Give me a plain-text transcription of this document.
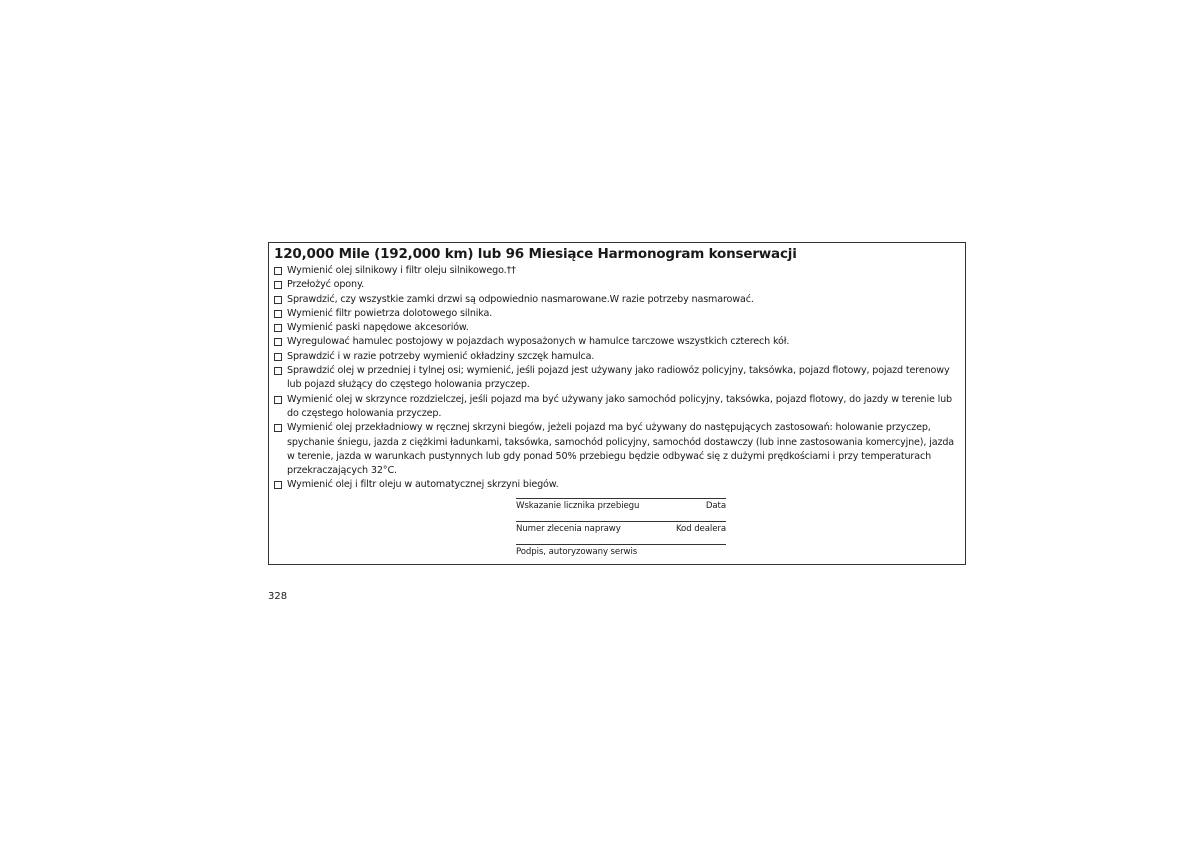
120,000 Mile (192,000 km) lub 96 Miesiące Harmonogram konserwacji
Wymienić olej silnikowy i filtr oleju silnikowego.††
Przełożyć opony.
Sprawdzić, czy wszystkie zamki drzwi są odpowiednio nasmarowane.W razie potrzeby nasmarować.
Wymienić filtr powietrza dolotowego silnika.
Wymienić paski napędowe akcesoriów.
Wyregulować hamulec postojowy w pojazdach wyposażonych w hamulce tarczowe wszystkich czterech kół.
Sprawdzić i w razie potrzeby wymienić okładziny szczęk hamulca.
Sprawdzić olej w przedniej i tylnej osi; wymienić, jeśli pojazd jest używany jako radiowóz policyjny, taksówka, pojazd flotowy, pojazd terenowy lub pojazd służący do częstego holowania przyczep.
Wymienić olej w skrzynce rozdzielczej, jeśli pojazd ma być używany jako samochód policyjny, taksówka, pojazd flotowy, do jazdy w terenie lub do częstego holowania przyczep.
Wymienić olej przekładniowy w ręcznej skrzyni biegów, jeżeli pojazd ma być używany do następujących zastosowań: holowanie przyczep, spychanie śniegu, jazda z ciężkimi ładunkami, taksówka, samochód policyjny, samochód dostawczy (lub inne zastosowania komercyjne), jazda w terenie, jazda w warunkach pustynnych lub gdy ponad 50% przebiegu będzie odbywać się z dużymi prędkościami i przy temperaturach przekraczających 32°C.
Wymienić olej i filtr oleju w automatycznej skrzyni biegów.
Wskazanie licznika przebiegu	Data
Numer zlecenia naprawy	Kod dealera
Podpis, autoryzowany serwis
328
